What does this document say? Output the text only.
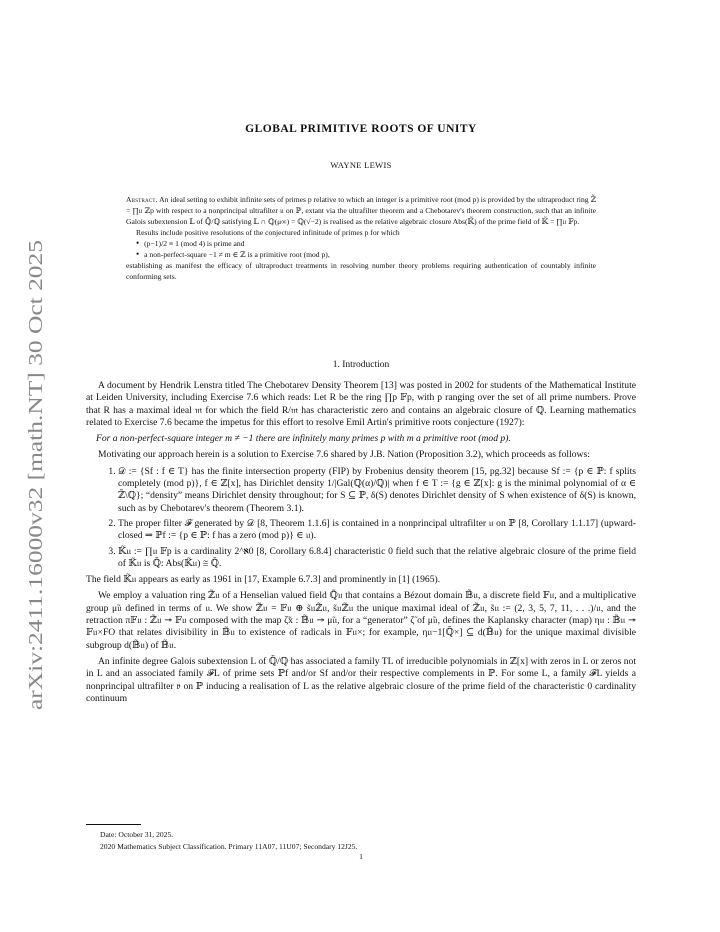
arXiv:2411.16000v32 [math.NT] 30 Oct 2025
GLOBAL PRIMITIVE ROOTS OF UNITY
WAYNE LEWIS

Abstract. An ideal setting to exhibit infinite sets of primes p relative to which an integer is a primitive root (mod p) is provided by the ultraproduct ring ℤ̃ = ∏𝔲 ℤp with respect to a nonprincipal ultrafilter 𝔲 on ℙ, extant via the ultrafilter theorem and a Chebotarev's theorem construction, such that an infinite Galois subextension 𝕃 of ℚ̄/ℚ satisfying 𝕃 ∩ ℚ(μ∞) = ℚ(√−2) is realised as the relative algebraic closure Abs(𝕂̃) of the prime field of 𝕂̃ = ∏𝔲 𝔽p.

Results include positive resolutions of the conjectured infinitude of primes p for which

• (p−1)/2 ≡ 1 (mod 4) is prime and
• a non-perfect-square −1 ≠ m ∈ ℤ is a primitive root (mod p),

establishing as manifest the efficacy of ultraproduct treatments in resolving number theory problems requiring authentication of countably infinite conforming sets.

1. Introduction

A document by Hendrik Lenstra titled The Chebotarev Density Theorem [13] was posted in 2002 for students of the Mathematical Institute at Leiden University, including Exercise 7.6 which reads: Let R be the ring ∏p 𝔽p, with p ranging over the set of all prime numbers. Prove that R has a maximal ideal 𝔪 for which the field R/𝔪 has characteristic zero and contains an algebraic closure of ℚ. Learning mathematics related to Exercise 7.6 became the impetus for this effort to resolve Emil Artin's primitive roots conjecture (1927):

For a non-perfect-square integer m ≠ −1 there are infinitely many primes p with m a primitive root (mod p).

Motivating our approach herein is a solution to Exercise 7.6 shared by J.B. Nation (Proposition 3.2), which proceeds as follows:

1. 𝒟 := {Sf : f ∈ T} has the finite intersection property (FIP) by Frobenius density theorem [15, pg.32] because Sf := {p ∈ ℙ: f splits completely (mod p)}, f ∈ ℤ[x], has Dirichlet density 1/|Gal(ℚ(α)/ℚ)| when f ∈ T := {g ∈ ℤ[x]: g is the minimal polynomial of α ∈ ℤ̄\ℚ}; “density” means Dirichlet density throughout; for S ⊆ ℙ, δ(S) denotes Dirichlet density of S when existence of δ(S) is known, such as by Chebotarev's theorem (Theorem 3.1).
2. The proper filter 𝓕 generated by 𝒟 [8, Theorem 1.1.6] is contained in a nonprincipal ultrafilter 𝔲 on ℙ [8, Corollary 1.1.17] (upward-closed ⇒ ℙf := {p ∈ ℙ: f has a zero (mod p)} ∈ 𝔲).
3. 𝕂̃𝔲 := ∏𝔲 𝔽p is a cardinality 2^ℵ0 [8, Corollary 6.8.4] characteristic 0 field such that the relative algebraic closure of the prime field of 𝕂̃𝔲 is ℚ̄: Abs(𝕂̃𝔲) ≅ ℚ̄.

The field 𝕂̃𝔲 appears as early as 1961 in [17, Example 6.7.3] and prominently in [1] (1965).

We employ a valuation ring ℤ̃𝔲 of a Henselian valued field ℚ̃𝔲 that contains a Bézout domain 𝔹̃𝔲, a discrete field 𝔽𝔲, and a multiplicative group μ̃𝔲 defined in terms of 𝔲. We show ℤ̃𝔲 = 𝔽𝔲 ⊕ s̃𝔲ℤ̃𝔲, s̃𝔲ℤ̃𝔲 the unique maximal ideal of ℤ̃𝔲, s̃𝔲 := (2, 3, 5, 7, 11, . . .)/𝔲, and the retraction π𝔽𝔲 : ℤ̃𝔲 ↠ 𝔽𝔲 composed with the map ζ̃x : 𝔹̃𝔲 ↠ μ̃𝔲, for a “generator” ζ̃ of μ̃𝔲, defines the Kaplansky character (map) η𝔲 : 𝔹̃𝔲 ↠ 𝔽𝔲×FO that relates divisibility in 𝔹̃𝔲 to existence of radicals in 𝔽𝔲×; for example, η𝔲−1[ℚ̄×] ⊆ d(𝔹̃𝔲) for the unique maximal divisible subgroup d(𝔹̃𝔲) of 𝔹̃𝔲.

An infinite degree Galois subextension L of ℚ̄/ℚ has associated a family TL of irreducible polynomials in ℤ[x] with zeros in L or zeros not in L and an associated family 𝓕L of prime sets ℙf and/or Sf and/or their respective complements in ℙ. For some L, a family 𝓕L yields a nonprincipal ultrafilter 𝔳 on ℙ inducing a realisation of L as the relative algebraic closure of the prime field of the characteristic 0 cardinality continuum

Date: October 31, 2025.
2020 Mathematics Subject Classification. Primary 11A07, 11U07; Secondary 12J25.
1
